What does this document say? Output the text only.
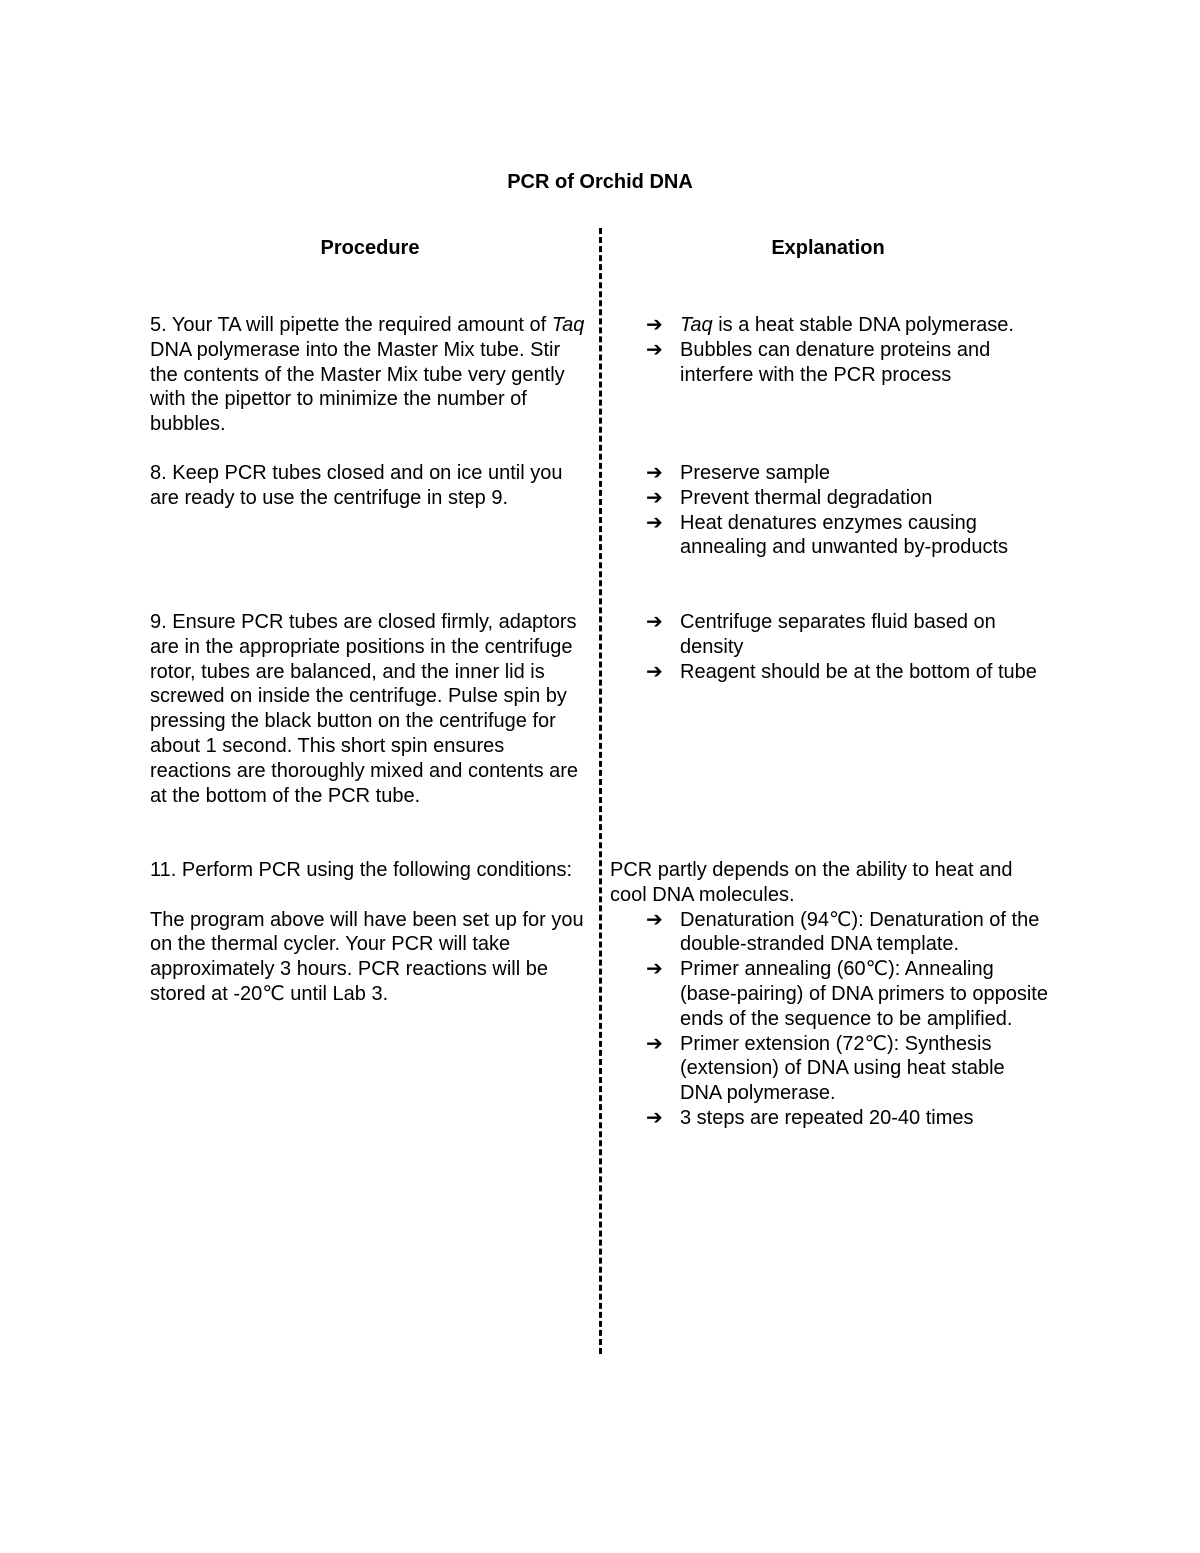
PCR of Orchid DNA
Procedure	Explanation

5. Your TA will pipette the required amount of Taq DNA polymerase into the Master Mix tube. Stir the contents of the Master Mix tube very gently with the pipettor to minimize the number of bubbles.

➔ Taq is a heat stable DNA polymerase.
➔ Bubbles can denature proteins and interfere with the PCR process

8. Keep PCR tubes closed and on ice until you are ready to use the centrifuge in step 9.

➔ Preserve sample
➔ Prevent thermal degradation
➔ Heat denatures enzymes causing annealing and unwanted by-products

9. Ensure PCR tubes are closed firmly, adaptors are in the appropriate positions in the centrifuge rotor, tubes are balanced, and the inner lid is screwed on inside the centrifuge. Pulse spin by pressing the black button on the centrifuge for about 1 second. This short spin ensures reactions are thoroughly mixed and contents are at the bottom of the PCR tube.

➔ Centrifuge separates fluid based on density
➔ Reagent should be at the bottom of tube

11. Perform PCR using the following conditions:

The program above will have been set up for you on the thermal cycler. Your PCR will take approximately 3 hours. PCR reactions will be stored at -20℃ until Lab 3.

PCR partly depends on the ability to heat and cool DNA molecules.

➔ Denaturation (94℃): Denaturation of the double-stranded DNA template.
➔ Primer annealing (60℃): Annealing (base-pairing) of DNA primers to opposite ends of the sequence to be amplified.
➔ Primer extension (72℃): Synthesis (extension) of DNA using heat stable DNA polymerase.
➔ 3 steps are repeated 20-40 times
